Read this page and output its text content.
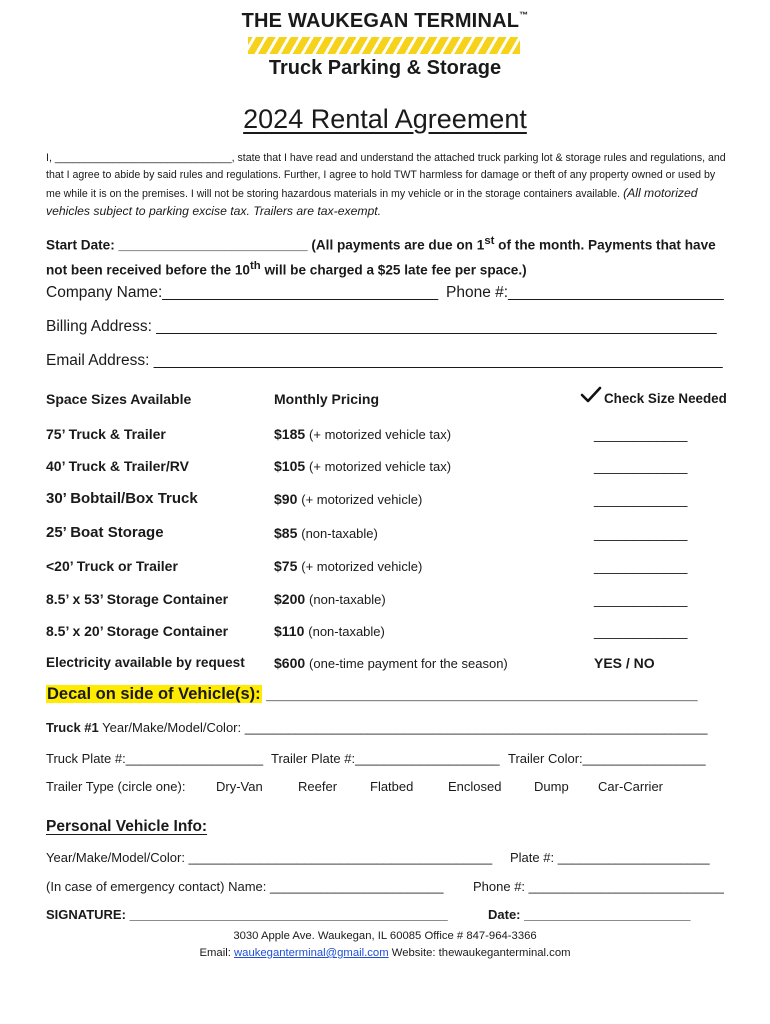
THE WAUKEGAN TERMINAL™
Truck Parking & Storage
2024 Rental Agreement
I, ______________________________, state that I have read and understand the attached truck parking lot & storage rules and regulations, and that I agree to abide by said rules and regulations. Further, I agree to hold TWT harmless for damage or theft of any property owned or used by me while it is on the premises. I will not be storing hazardous materials in my vehicle or in the storage containers available. (All motorized vehicles subject to parking excise tax. Trailers are tax-exempt.
Start Date: _________________________ (All payments are due on 1st of the month. Payments that have not been received before the 10th will be charged a $25 late fee per space.)
Company Name:________________________________ Phone #:_________________________
Billing Address: _________________________________________________________________
Email Address: __________________________________________________________________
Space Sizes Available	Monthly Pricing	Check Size Needed
75’ Truck & Trailer	$185 (+ motorized vehicle tax)	____________
40’ Truck & Trailer/RV	$105 (+ motorized vehicle tax)	____________
30’ Bobtail/Box Truck	$90 (+ motorized vehicle)	____________
25’ Boat Storage	$85 (non-taxable)	____________
<20’ Truck or Trailer	$75 (+ motorized vehicle)	____________
8.5’ x 53’ Storage Container	$200 (non-taxable)	____________
8.5’ x 20’ Storage Container	$110 (non-taxable)	____________
Electricity available by request $600 (one-time payment for the season)	YES / NO
Decal on side of Vehicle(s): _______________________________________________
Truck #1 Year/Make/Model/Color: ________________________________________________________________
Truck Plate #:___________________ Trailer Plate #:____________________ Trailer Color:_________________
Trailer Type (circle one): Dry-Van	Reefer	Flatbed	Enclosed	Dump Car-Carrier
Personal Vehicle Info:
Year/Make/Model/Color: __________________________________________ Plate #: _____________________
(In case of emergency contact) Name: ________________________ Phone #: ___________________________
SIGNATURE: ____________________________________________	Date: _______________________
3030 Apple Ave. Waukegan, IL 60085 Office # 847-964-3366
Email: waukeganterminal@gmail.com Website: thewaukeganterminal.com
